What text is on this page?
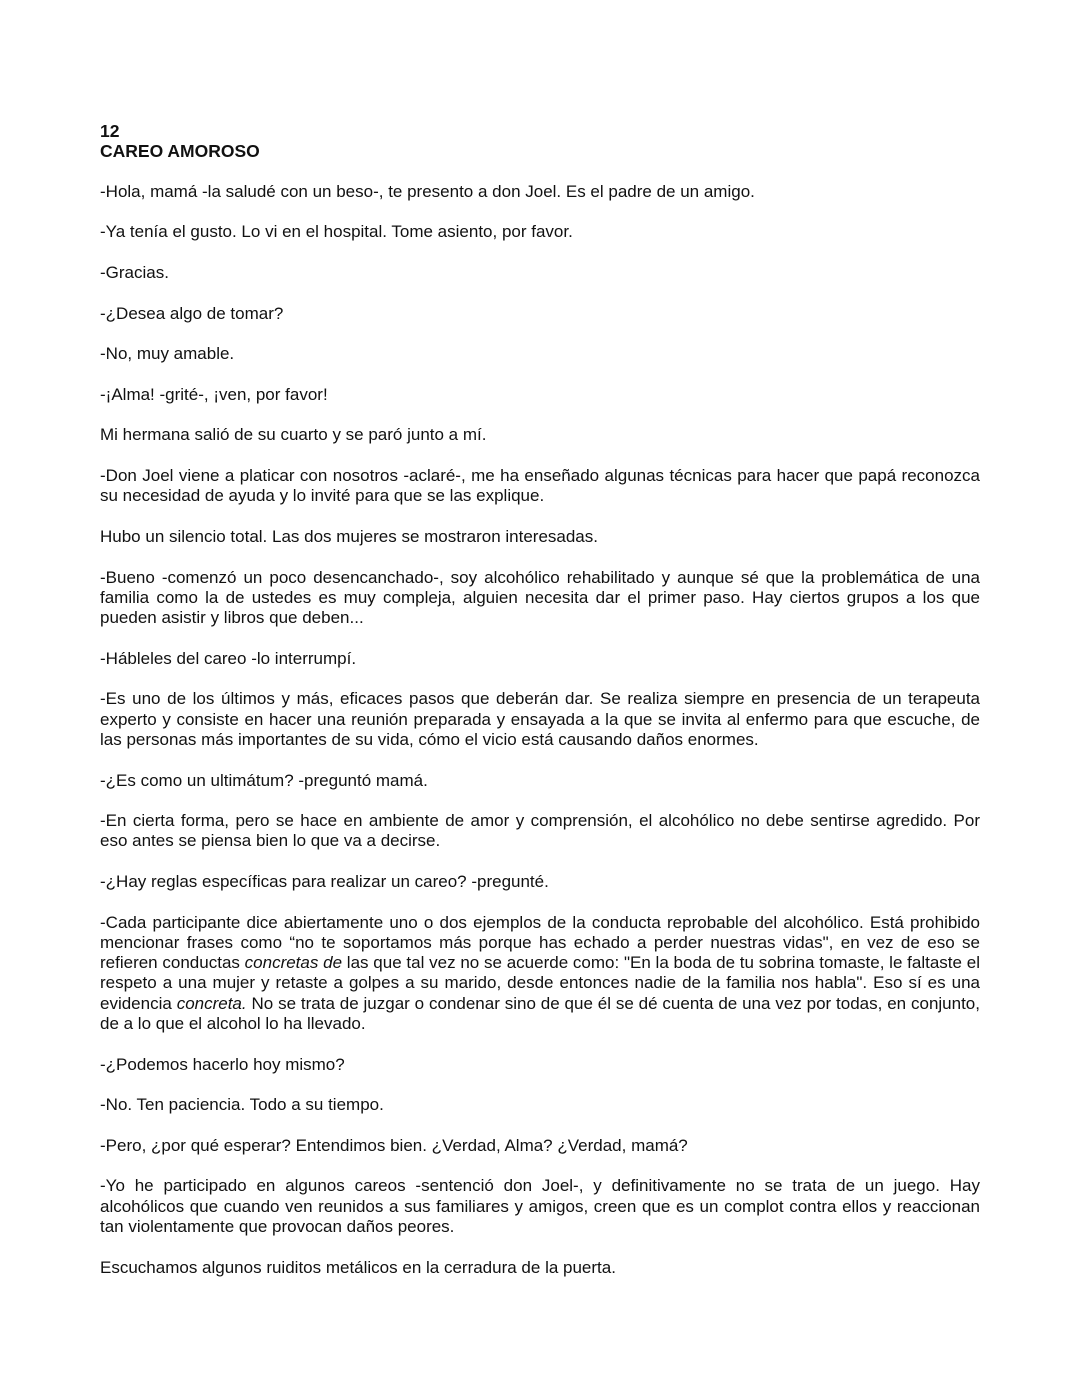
12
CAREO AMOROSO

-Hola, mamá -la saludé con un beso-, te presento a don Joel. Es el padre de un amigo.

-Ya tenía el gusto. Lo vi en el hospital. Tome asiento, por favor.

-Gracias.

-¿Desea algo de tomar?

-No, muy amable.

-¡Alma! -grité-, ¡ven, por favor!

Mi hermana salió de su cuarto y se paró junto a mí.

-Don Joel viene a platicar con nosotros -aclaré-, me ha enseñado algunas técnicas para hacer que papá reconozca su necesidad de ayuda y lo invité para que se las explique.

Hubo un silencio total. Las dos mujeres se mostraron interesadas.

-Bueno -comenzó un poco desencanchado-, soy alcohólico rehabilitado y aunque sé que la problemática de una familia como la de ustedes es muy compleja, alguien necesita dar el primer paso. Hay ciertos grupos a los que pueden asistir y libros que deben...

-Hábleles del careo -lo interrumpí.

-Es uno de los últimos y más, eficaces pasos que deberán dar. Se realiza siempre en presencia de un terapeuta experto y consiste en hacer una reunión preparada y ensayada a la que se invita al enfermo para que escuche, de las personas más importantes de su vida, cómo el vicio está causando daños enormes.

-¿Es como un ultimátum? -preguntó mamá.

-En cierta forma, pero se hace en ambiente de amor y comprensión, el alcohólico no debe sentirse agredido. Por eso antes se piensa bien lo que va a decirse.

-¿Hay reglas específicas para realizar un careo? -pregunté.

-Cada participante dice abiertamente uno o dos ejemplos de la conducta reprobable del alcohólico. Está prohibido mencionar frases como “no te soportamos más porque has echado a perder nuestras vidas", en vez de eso se refieren conductas concretas de las que tal vez no se acuerde como: "En la boda de tu sobrina tomaste, le faltaste el respeto a una mujer y retaste a golpes a su marido, desde entonces nadie de la familia nos habla". Eso sí es una evidencia concreta. No se trata de juzgar o condenar sino de que él se dé cuenta de una vez por todas, en conjunto, de a lo que el alcohol lo ha llevado.

-¿Podemos hacerlo hoy mismo?

-No. Ten paciencia. Todo a su tiempo.

-Pero, ¿por qué esperar? Entendimos bien. ¿Verdad, Alma? ¿Verdad, mamá?

-Yo he participado en algunos careos -sentenció don Joel-, y definitivamente no se trata de un juego. Hay alcohólicos que cuando ven reunidos a sus familiares y amigos, creen que es un complot contra ellos y reaccionan tan violentamente que provocan daños peores.

Escuchamos algunos ruiditos metálicos en la cerradura de la puerta.
